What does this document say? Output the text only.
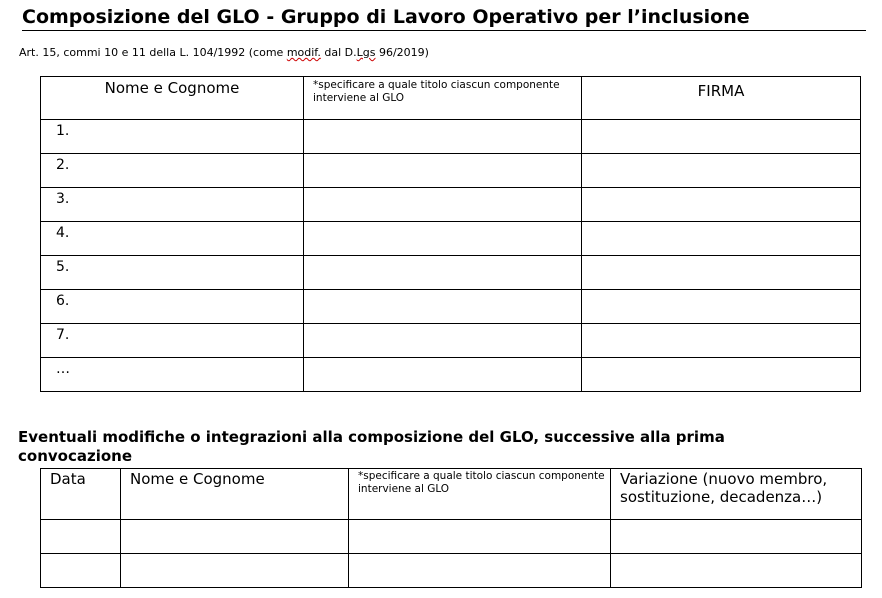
Composizione del GLO - Gruppo di Lavoro Operativo per l’inclusione
Art. 15, commi 10 e 11 della L. 104/1992 (come modif. dal D.Lgs 96/2019)
Nome e Cognome	*specificare a quale titolo ciascun componente interviene al GLO	FIRMA

1.		

2.		

3.		

4.		

5.		

6.		

7.		

…		

Eventuali modifiche o integrazioni alla composizione del GLO, successive alla prima convocazione
Data	Nome e Cognome	*specificare a quale titolo ciascun componente interviene al GLO	Variazione (nuovo membro, sostituzione, decadenza…)
